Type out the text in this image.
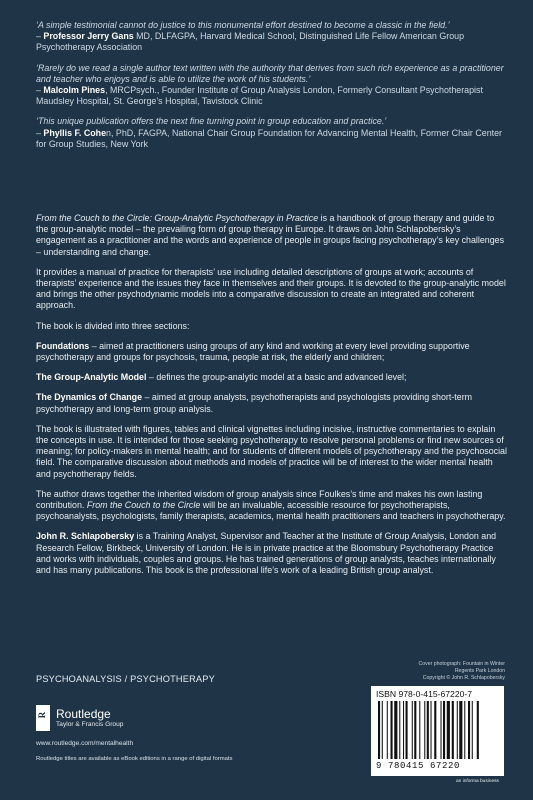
‘A simple testimonial cannot do justice to this monumental effort destined to become a classic in the field.’
– Professor Jerry Gans MD, DLFAGPA, Harvard Medical School, Distinguished Life Fellow American Group Psychotherapy Association
‘Rarely do we read a single author text written with the authority that derives from such rich experience as a practitioner and teacher who enjoys and is able to utilize the work of his students.’
– Malcolm Pines, MRCPsych., Founder Institute of Group Analysis London, Formerly Consultant Psychotherapist Maudsley Hospital, St. George’s Hospital, Tavistock Clinic
‘This unique publication offers the next fine turning point in group education and practice.’
– Phyllis F. Cohen, PhD, FAGPA, National Chair Group Foundation for Advancing Mental Health, Former Chair Center for Group Studies, New York

From the Couch to the Circle: Group-Analytic Psychotherapy in Practice is a handbook of group therapy and guide to the group-analytic model – the prevailing form of group therapy in Europe. It draws on John Schlapobersky’s engagement as a practitioner and the words and experience of people in groups facing psychotherapy’s key challenges – understanding and change.

It provides a manual of practice for therapists’ use including detailed descriptions of groups at work; accounts of therapists’ experience and the issues they face in themselves and their groups. It is devoted to the group-analytic model and brings the other psychodynamic models into a comparative discussion to create an integrated and coherent approach.

The book is divided into three sections:

Foundations – aimed at practitioners using groups of any kind and working at every level providing supportive psychotherapy and groups for psychosis, trauma, people at risk, the elderly and children;

The Group-Analytic Model – defines the group-analytic model at a basic and advanced level;

The Dynamics of Change – aimed at group analysts, psychotherapists and psychologists providing short-term psychotherapy and long-term group analysis.

The book is illustrated with figures, tables and clinical vignettes including incisive, instructive commentaries to explain the concepts in use. It is intended for those seeking psychotherapy to resolve personal problems or find new sources of meaning; for policy-makers in mental health; and for students of different models of psychotherapy and the psychosocial field. The comparative discussion about methods and models of practice will be of interest to the wider mental health and psychotherapy fields.

The author draws together the inherited wisdom of group analysis since Foulkes’s time and makes his own lasting contribution. From the Couch to the Circle will be an invaluable, accessible resource for psychotherapists, psychoanalysts, psychologists, family therapists, academics, mental health practitioners and teachers in psychotherapy.

John R. Schlapobersky is a Training Analyst, Supervisor and Teacher at the Institute of Group Analysis, London and Research Fellow, Birkbeck, University of London. He is in private practice at the Bloomsbury Psychotherapy Practice and works with individuals, couples and groups. He has trained generations of group analysts, teaches internationally and has many publications. This book is the professional life’s work of a leading British group analyst.

Cover photograph: Fountain in Winter
Regents Park London
Copyright © John R. Schlapobersky
PSYCHOANALYSIS / PSYCHOTHERAPY
R Routledge
Taylor & Francis Group
www.routledge.com/mentalhealth
Routledge titles are available as eBook editions in a range of digital formats
ISBN 978-0-415-67220-7
9 780415 67220
an informa business
